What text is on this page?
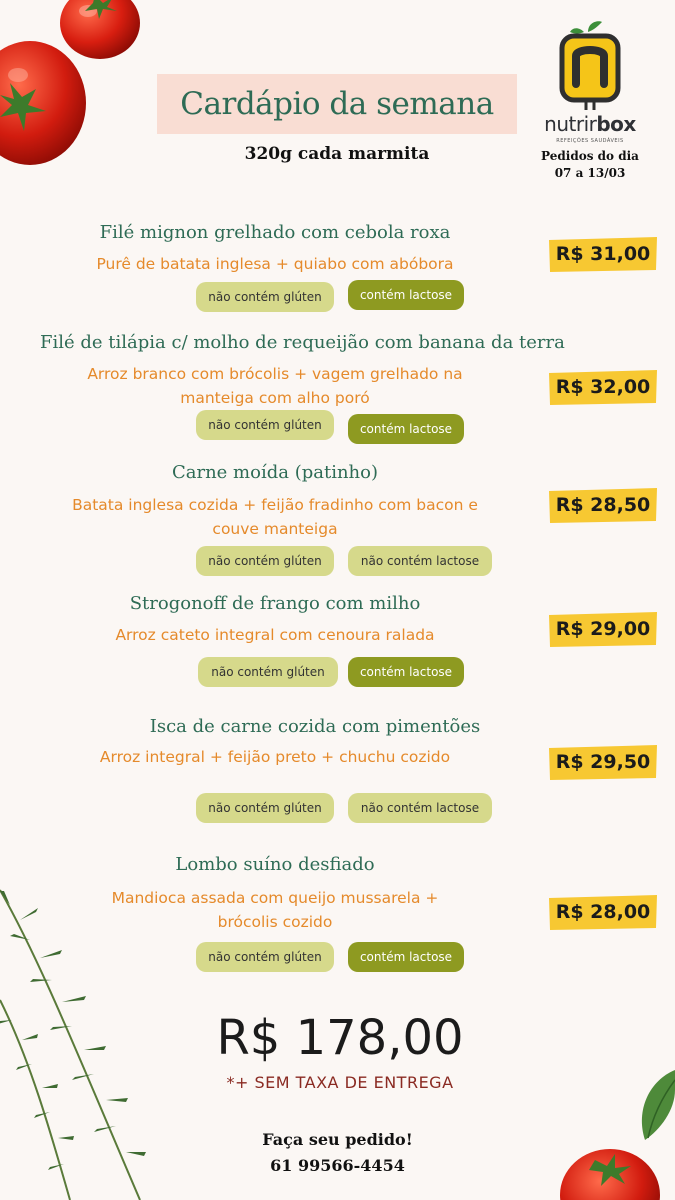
Cardápio da semana
320g cada marmita
nutrirbox
REFEIÇÕES SAUDÁVEIS
Pedidos do dia
07 a 13/03
Filé mignon grelhado com cebola roxa
Purê de batata inglesa + quiabo com abóbora
não contém glúten	contém lactose
R$ 31,00
Filé de tilápia c/ molho de requeijão com banana da terra
Arroz branco com brócolis + vagem grelhado na
manteiga com alho poró
não contém glúten	contém lactose
R$ 32,00
Carne moída (patinho)
Batata inglesa cozida + feijão fradinho com bacon e
couve manteiga
não contém glúten	não contém lactose
R$ 28,50
Strogonoff de frango com milho
Arroz cateto integral com cenoura ralada
não contém glúten	contém lactose
R$ 29,00
Isca de carne cozida com pimentões
Arroz integral + feijão preto + chuchu cozido
não contém glúten	não contém lactose
R$ 29,50
Lombo suíno desfiado
Mandioca assada com queijo mussarela +
brócolis cozido
não contém glúten	contém lactose
R$ 28,00
R$ 178,00
*+ SEM TAXA DE ENTREGA
Faça seu pedido!
61 99566-4454
